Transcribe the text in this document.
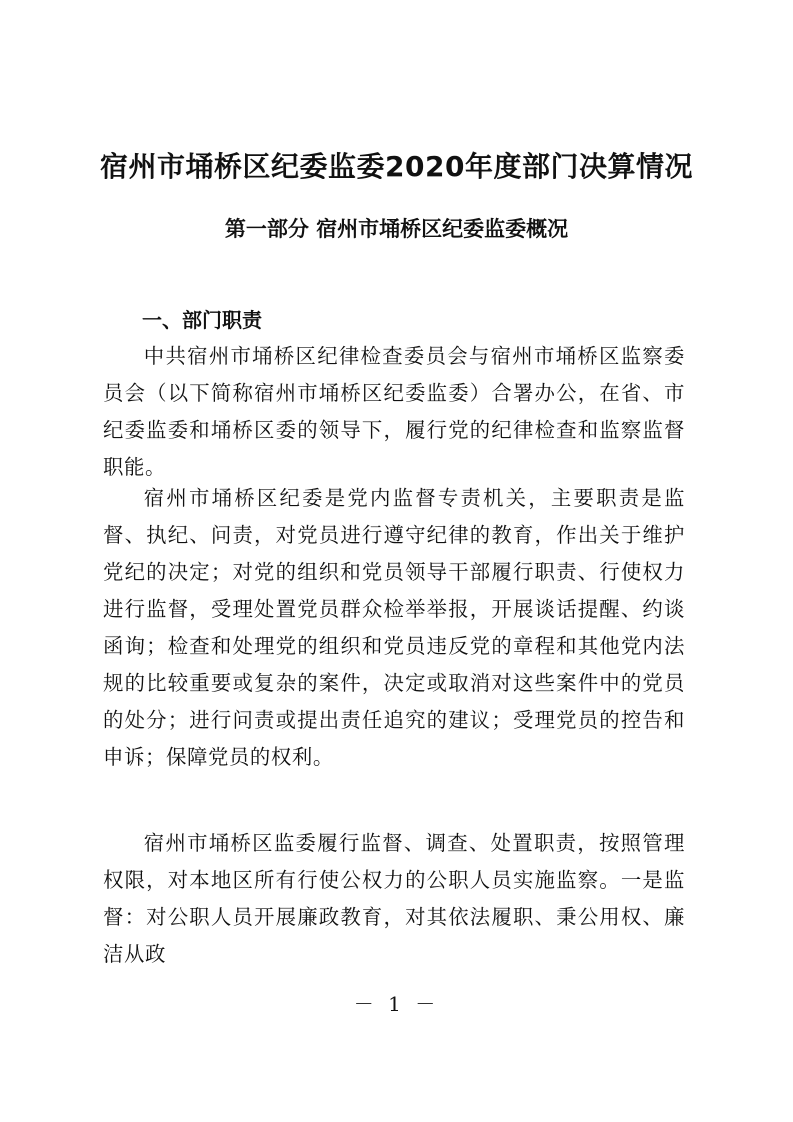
宿州市埇桥区纪委监委2020年度部门决算情况
第一部分 宿州市埇桥区纪委监委概况
一、部门职责

中共宿州市埇桥区纪律检查委员会与宿州市埇桥区监察委员会（以下简称宿州市埇桥区纪委监委）合署办公，在省、市纪委监委和埇桥区委的领导下，履行党的纪律检查和监察监督职能。

宿州市埇桥区纪委是党内监督专责机关，主要职责是监督、执纪、问责，对党员进行遵守纪律的教育，作出关于维护党纪的决定；对党的组织和党员领导干部履行职责、行使权力进行监督，受理处置党员群众检举举报，开展谈话提醒、约谈函询；检查和处理党的组织和党员违反党的章程和其他党内法规的比较重要或复杂的案件，决定或取消对这些案件中的党员的处分；进行问责或提出责任追究的建议；受理党员的控告和申诉；保障党员的权利。

宿州市埇桥区监委履行监督、调查、处置职责，按照管理权限，对本地区所有行使公权力的公职人员实施监察。一是监督：对公职人员开展廉政教育，对其依法履职、秉公用权、廉洁从政

－ 1 －
